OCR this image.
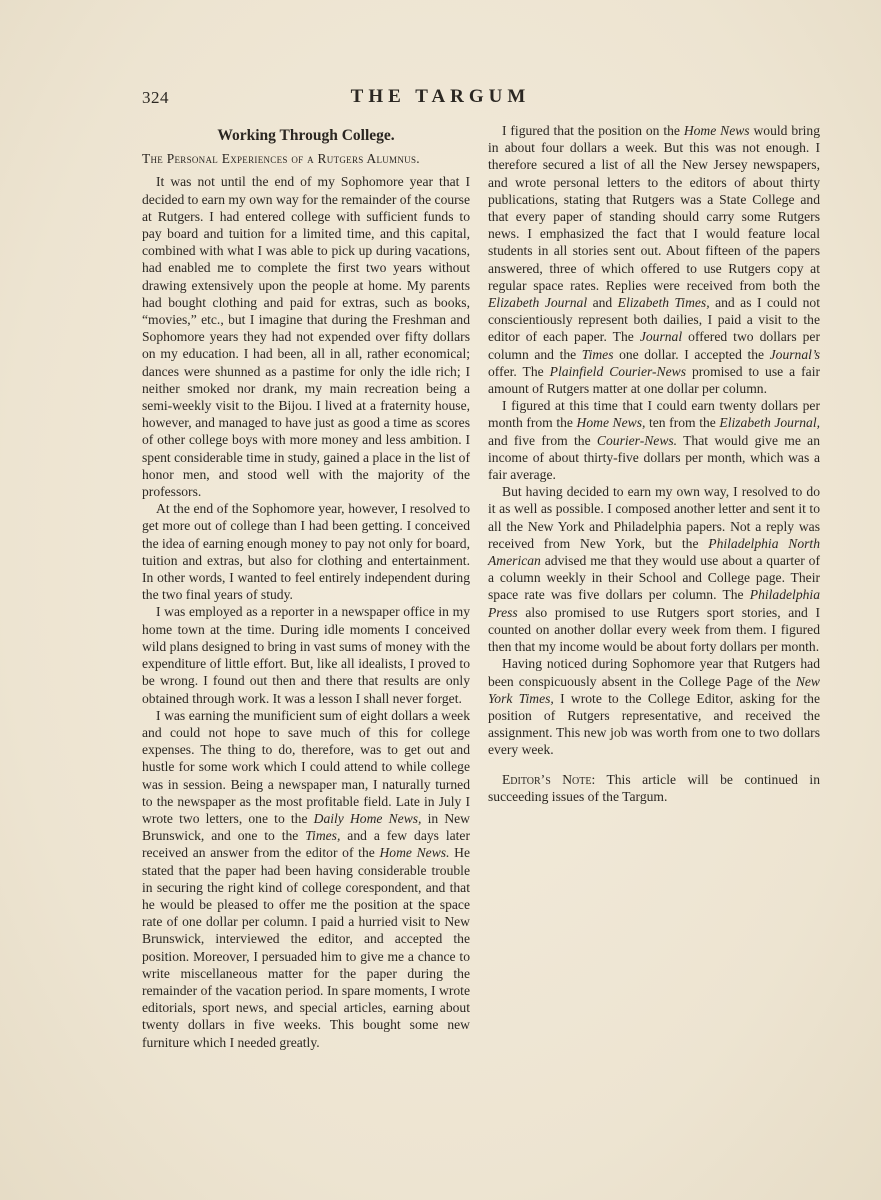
324	THE TARGUM
Working Through College.
The Personal Experiences of a Rutgers Alumnus.

It was not until the end of my Sophomore year that I decided to earn my own way for the remainder of the course at Rutgers. I had entered college with sufficient funds to pay board and tuition for a limited time, and this capital, combined with what I was able to pick up during vacations, had enabled me to complete the first two years without drawing extensively upon the people at home. My parents had bought clothing and paid for extras, such as books, “movies,” etc., but I imagine that during the Freshman and Sophomore years they had not expended over fifty dollars on my education. I had been, all in all, rather economical; dances were shunned as a pastime for only the idle rich; I neither smoked nor drank, my main recreation being a semi-weekly visit to the Bijou. I lived at a fraternity house, however, and managed to have just as good a time as scores of other college boys with more money and less ambition. I spent considerable time in study, gained a place in the list of honor men, and stood well with the majority of the professors.

At the end of the Sophomore year, however, I resolved to get more out of college than I had been getting. I conceived the idea of earning enough money to pay not only for board, tuition and extras, but also for clothing and entertainment. In other words, I wanted to feel entirely independent during the two final years of study.

I was employed as a reporter in a newspaper office in my home town at the time. During idle moments I conceived wild plans designed to bring in vast sums of money with the expenditure of little effort. But, like all idealists, I proved to be wrong. I found out then and there that results are only obtained through work. It was a lesson I shall never forget.

I was earning the munificient sum of eight dollars a week and could not hope to save much of this for college expenses. The thing to do, therefore, was to get out and hustle for some work which I could attend to while college was in session. Being a newspaper man, I naturally turned to the newspaper as the most profitable field. Late in July I wrote two letters, one to the Daily Home News, in New Brunswick, and one to the Times, and a few days later received an answer from the editor of the Home News. He stated that the paper had been having considerable trouble in securing the right kind of college corespondent, and that he would be pleased to offer me the position at the space rate of one dollar per column. I paid a hurried visit to New Brunswick, interviewed the editor, and accepted the position. Moreover, I persuaded him to give me a chance to write miscellaneous matter for the paper during the remainder of the vacation period. In spare moments, I wrote editorials, sport news, and special articles, earning about twenty dollars in five weeks. This bought some new furniture which I needed greatly.

I figured that the position on the Home News would bring in about four dollars a week. But this was not enough. I therefore secured a list of all the New Jersey newspapers, and wrote personal letters to the editors of about thirty publications, stating that Rutgers was a State College and that every paper of standing should carry some Rutgers news. I emphasized the fact that I would feature local students in all stories sent out. About fifteen of the papers answered, three of which offered to use Rutgers copy at regular space rates. Replies were received from both the Elizabeth Journal and Elizabeth Times, and as I could not conscientiously represent both dailies, I paid a visit to the editor of each paper. The Journal offered two dollars per column and the Times one dollar. I accepted the Journal’s offer. The Plainfield Courier-News promised to use a fair amount of Rutgers matter at one dollar per column.

I figured at this time that I could earn twenty dollars per month from the Home News, ten from the Elizabeth Journal, and five from the Courier-News. That would give me an income of about thirty-five dollars per month, which was a fair average.

But having decided to earn my own way, I resolved to do it as well as possible. I composed another letter and sent it to all the New York and Philadelphia papers. Not a reply was received from New York, but the Philadelphia North American advised me that they would use about a quarter of a column weekly in their School and College page. Their space rate was five dollars per column. The Philadelphia Press also promised to use Rutgers sport stories, and I counted on another dollar every week from them. I figured then that my income would be about forty dollars per month.

Having noticed during Sophomore year that Rutgers had been conspicuously absent in the College Page of the New York Times, I wrote to the College Editor, asking for the position of Rutgers representative, and received the assignment. This new job was worth from one to two dollars every week.

Editor’s Note: This article will be continued in succeeding issues of the Targum.
